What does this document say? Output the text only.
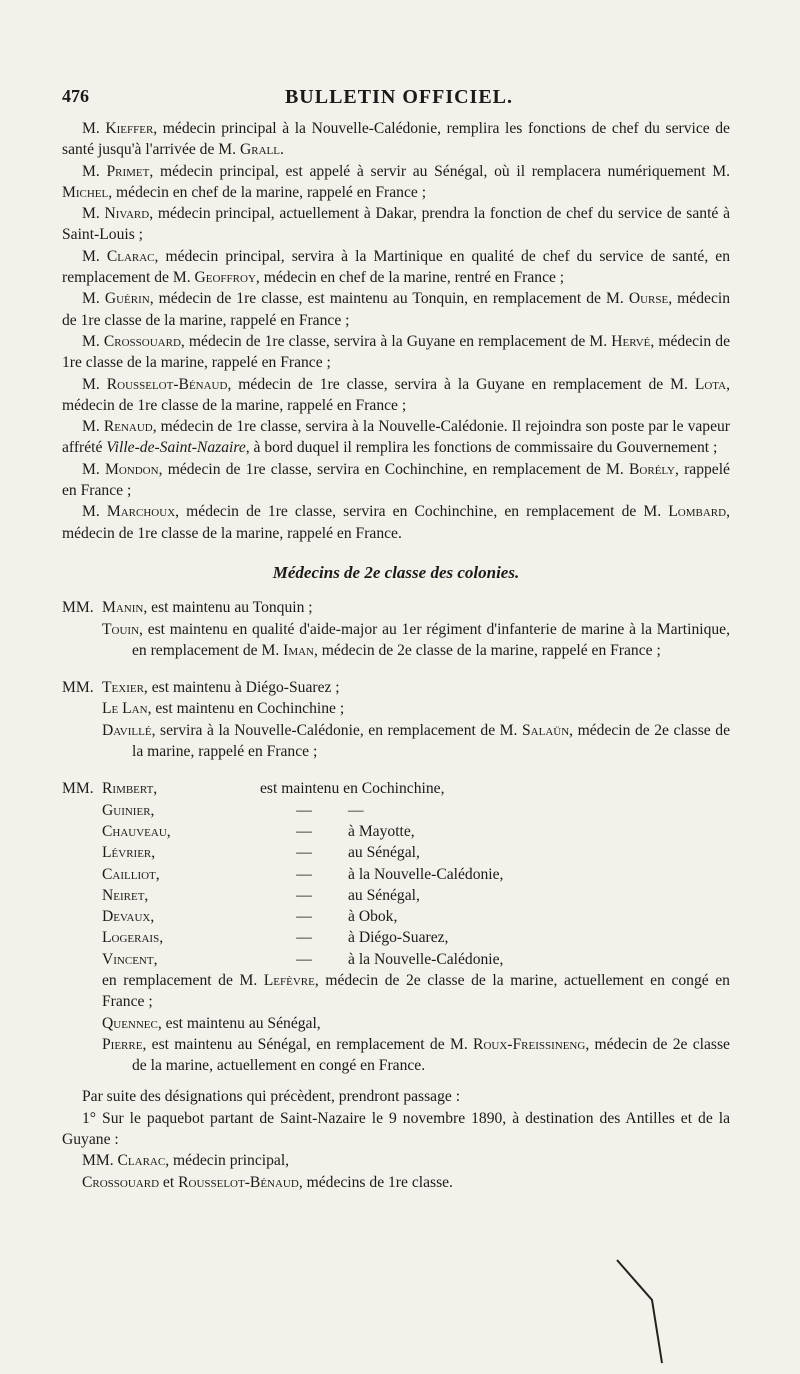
476	BULLETIN OFFICIEL.

M. Kieffer, médecin principal à la Nouvelle-Calédonie, remplira les fonctions de chef du service de santé jusqu'à l'arrivée de M. Grall.

M. Primet, médecin principal, est appelé à servir au Sénégal, où il remplacera numériquement M. Michel, médecin en chef de la marine, rappelé en France ;

M. Nivard, médecin principal, actuellement à Dakar, prendra la fonction de chef du service de santé à Saint-Louis ;

M. Clarac, médecin principal, servira à la Martinique en qualité de chef du service de santé, en remplacement de M. Geoffroy, médecin en chef de la marine, rentré en France ;

M. Guérin, médecin de 1re classe, est maintenu au Tonquin, en remplacement de M. Ourse, médecin de 1re classe de la marine, rappelé en France ;

M. Crossouard, médecin de 1re classe, servira à la Guyane en remplacement de M. Hervé, médecin de 1re classe de la marine, rappelé en France ;

M. Rousselot-Bénaud, médecin de 1re classe, servira à la Guyane en remplacement de M. Lota, médecin de 1re classe de la marine, rappelé en France ;

M. Renaud, médecin de 1re classe, servira à la Nouvelle-Calédonie. Il rejoindra son poste par le vapeur affrété Ville-de-Saint-Nazaire, à bord duquel il remplira les fonctions de commissaire du Gouvernement ;

M. Mondon, médecin de 1re classe, servira en Cochinchine, en remplacement de M. Borély, rappelé en France ;

M. Marchoux, médecin de 1re classe, servira en Cochinchine, en remplacement de M. Lombard, médecin de 1re classe de la marine, rappelé en France.

Médecins de 2e classe des colonies.
MM. Manin, est maintenu au Tonquin ;

Touin, est maintenu en qualité d'aide-major au 1er régiment d'infanterie de marine à la Martinique, en remplacement de M. Iman, médecin de 2e classe de la marine, rappelé en France ;

MM. Texier, est maintenu à Diégo-Suarez ;

Le Lan, est maintenu en Cochinchine ;

Davillé, servira à la Nouvelle-Calédonie, en remplacement de M. Salaün, médecin de 2e classe de la marine, rappelé en France ;

MM. Rimbert,	est maintenu en Cochinchine,	
Guinier,	—	—
Chauveau,	—	à Mayotte,
Lévrier,	—	au Sénégal,
Cailliot,	—	à la Nouvelle-Calédonie,
Neiret,	—	au Sénégal,
Devaux,	—	à Obok,
Logerais,	—	à Diégo-Suarez,
Vincent,	—	à la Nouvelle-Calédonie,
en remplacement de M. Lefèvre, médecin de 2e classe de la marine, actuellement en congé en France ;

Quennec, est maintenu au Sénégal,

Pierre, est maintenu au Sénégal, en remplacement de M. Roux-Freissineng, médecin de 2e classe de la marine, actuellement en congé en France.

Par suite des désignations qui précèdent, prendront passage :

1° Sur le paquebot partant de Saint-Nazaire le 9 novembre 1890, à destination des Antilles et de la Guyane :

MM. Clarac, médecin principal,

Crossouard et Rousselot-Bénaud, médecins de 1re classe.
